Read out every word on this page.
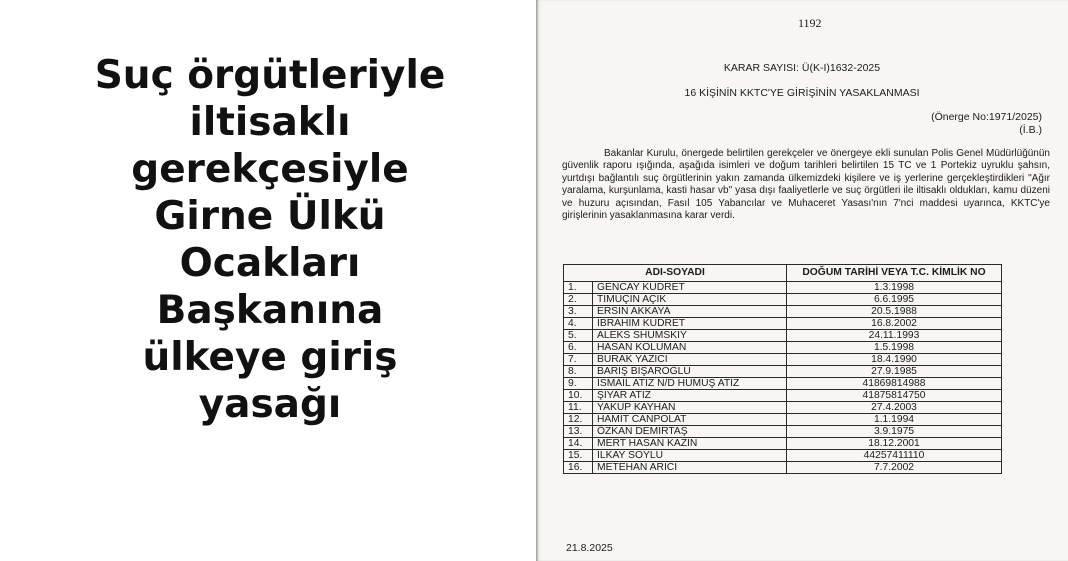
Suç örgütleriyle
iltisaklı
gerekçesiyle
Girne Ülkü
Ocakları
Başkanına
ülkeye giriş
yasağı
1192
KARAR SAYISI: Ü(K-I)1632-2025
16 KİŞİNİN KKTC'YE GİRİŞİNİN YASAKLANMASI
(Önerge No:1971/2025)
(İ.B.)

Bakanlar Kurulu, önergede belirtilen gerekçeler ve önergeye ekli sunulan Polis Genel Müdürlüğünün güvenlik raporu ışığında, aşağıda isimleri ve doğum tarihleri belirtilen 15 TC ve 1 Portekiz uyruklu şahsın, yurtdışı bağlantılı suç örgütlerinin yakın zamanda ülkemizdeki kişilere ve iş yerlerine gerçekleştirdikleri "Ağır yaralama, kurşunlama, kasti hasar vb" yasa dışı faaliyetlerle ve suç örgütleri ile iltisaklı oldukları, kamu düzeni ve huzuru açısından, Fasıl 105 Yabancılar ve Muhaceret Yasası'nın 7'nci maddesi uyarınca, KKTC'ye girişlerinin yasaklanmasına karar verdi.

ADI-SOYADI		DOĞUM TARİHİ VEYA T.C. KİMLİK NO
1.	GENCAY KUDRET	1.3.1998
2.	TİMUÇİN AÇIK	6.6.1995
3.	ERSİN AKKAYA	20.5.1988
4.	İBRAHİM KUDRET	16.8.2002
5.	ALEKS SHUMSKIY	24.11.1993
6.	HASAN KOLUMAN	1.5.1998
7.	BURAK YAZICI	18.4.1990
8.	BARIŞ BİŞAROĞLU	27.9.1985
9.	İSMAİL ATIZ N/D HUMUŞ ATIZ	41869814988
10.	ŞİYAR ATIZ	41875814750
11.	YAKUP KAYHAN	27.4.2003
12.	HAMİT CANPOLAT	1.1.1994
13.	ÖZKAN DEMİRTAŞ	3.9.1975
14.	MERT HASAN KAZIN	18.12.2001
15.	İLKAY SOYLU	44257411110
16.	METEHAN ARICI	7.7.2002
21.8.2025
